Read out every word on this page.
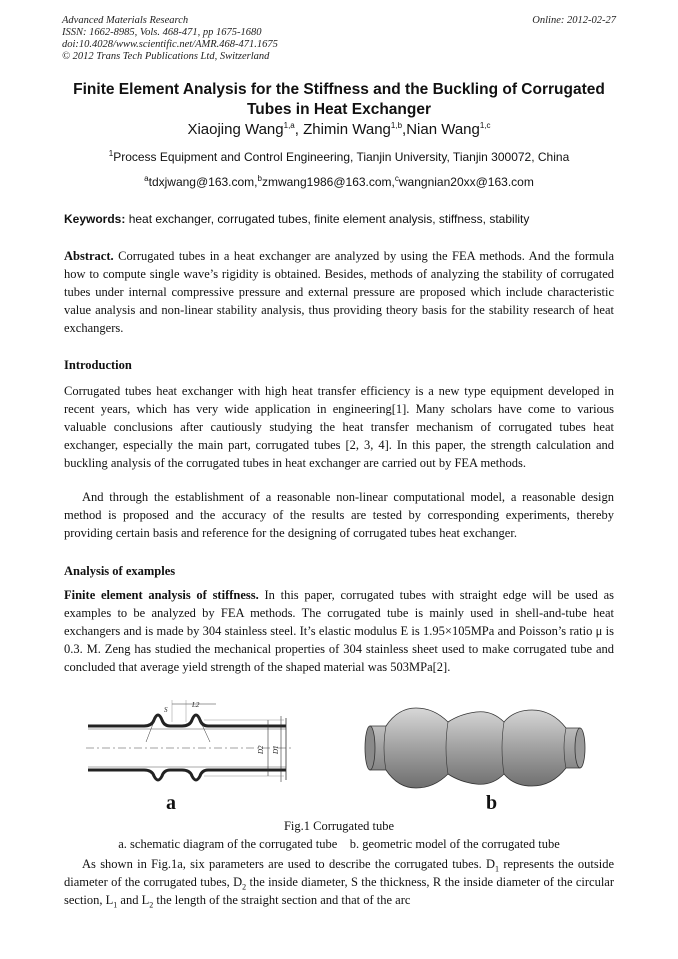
Advanced Materials Research
ISSN: 1662-8985, Vols. 468-471, pp 1675-1680
doi:10.4028/www.scientific.net/AMR.468-471.1675
© 2012 Trans Tech Publications Ltd, Switzerland
Online: 2012-02-27
Finite Element Analysis for the Stiffness and the Buckling of Corrugated Tubes in Heat Exchanger
Xiaojing Wang$^{1,a}$, Zhimin Wang$^{1,b}$,Nian Wang$^{1,c}$
$^1$Process Equipment and Control Engineering, Tianjin University, Tianjin 300072, China
$^a$tdxjwang@163.com,$^b$zmwang1986@163.com,$^c$wangnian20xx@163.com
Keywords: heat exchanger, corrugated tubes, finite element analysis, stiffness, stability
Abstract. Corrugated tubes in a heat exchanger are analyzed by using the FEA methods. And the formula how to compute single wave’s rigidity is obtained. Besides, methods of analyzing the stability of corrugated tubes under internal compressive pressure and external pressure are proposed which include characteristic value analysis and non-linear stability analysis, thus providing theory basis for the stability research of heat exchangers.
Introduction
Corrugated tubes heat exchanger with high heat transfer efficiency is a new type equipment developed in recent years, which has very wide application in engineering[1]. Many scholars have come to various valuable conclusions after cautiously studying the heat transfer mechanism of corrugated tubes heat exchanger, especially the main part, corrugated tubes [2, 3, 4]. In this paper, the strength calculation and buckling analysis of the corrugated tubes in heat exchanger are carried out by FEA methods.
And through the establishment of a reasonable non-linear computational model, a reasonable design method is proposed and the accuracy of the results are tested by corresponding experiments, thereby providing certain basis and reference for the designing of corrugated tubes heat exchanger.
Analysis of examples
Finite element analysis of stiffness. In this paper, corrugated tubes with straight edge will be used as examples to be analyzed by FEA methods. The corrugated tube is mainly used in shell-and-tube heat exchangers and is made by 304 stainless steel. It’s elastic modulus E is 1.95×105MPa and Poisson’s ratio μ is 0.3. M. Zeng has studied the mechanical properties of 304 stainless sheet used to make corrugated tube and concluded that average yield strength of the shaped material was 503MPa[2].
L2
S
D2 D1
a	b
Fig.1 Corrugated tube
a. schematic diagram of the corrugated tube    b. geometric model of the corrugated tube
As shown in Fig.1a, six parameters are used to describe the corrugated tubes. $D_1$ represents the outside diameter of the corrugated tubes, $D_2$ the inside diameter, S the thickness, R the inside diameter of the circular section, $L_1$ and $L_2$ the length of the straight section and that of the arc
